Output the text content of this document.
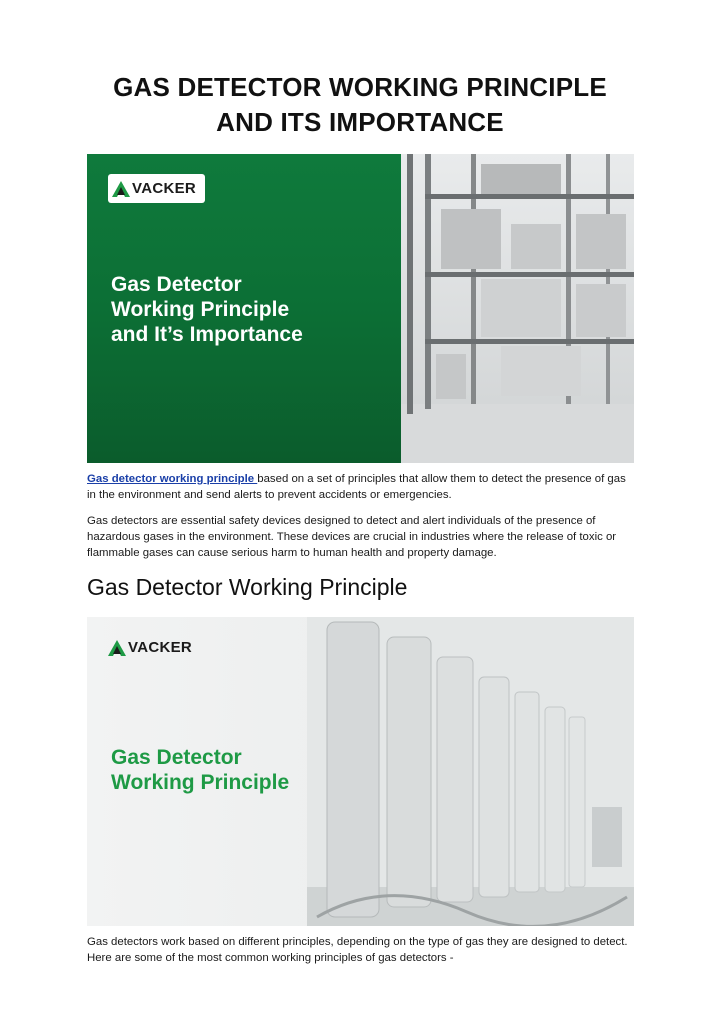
GAS DETECTOR WORKING PRINCIPLE
AND ITS IMPORTANCE
VACKER
Gas Detector
Working Principle
and It’s Importance
Gas detector working principle based on a set of principles that allow them to detect the presence of gas in the environment and send alerts to prevent accidents or emergencies.
Gas detectors are essential safety devices designed to detect and alert individuals of the presence of hazardous gases in the environment. These devices are crucial in industries where the release of toxic or flammable gases can cause serious harm to human health and property damage.
Gas Detector Working Principle
VACKER
Gas Detector
Working Principle
Gas detectors work based on different principles, depending on the type of gas they are designed to detect. Here are some of the most common working principles of gas detectors -
